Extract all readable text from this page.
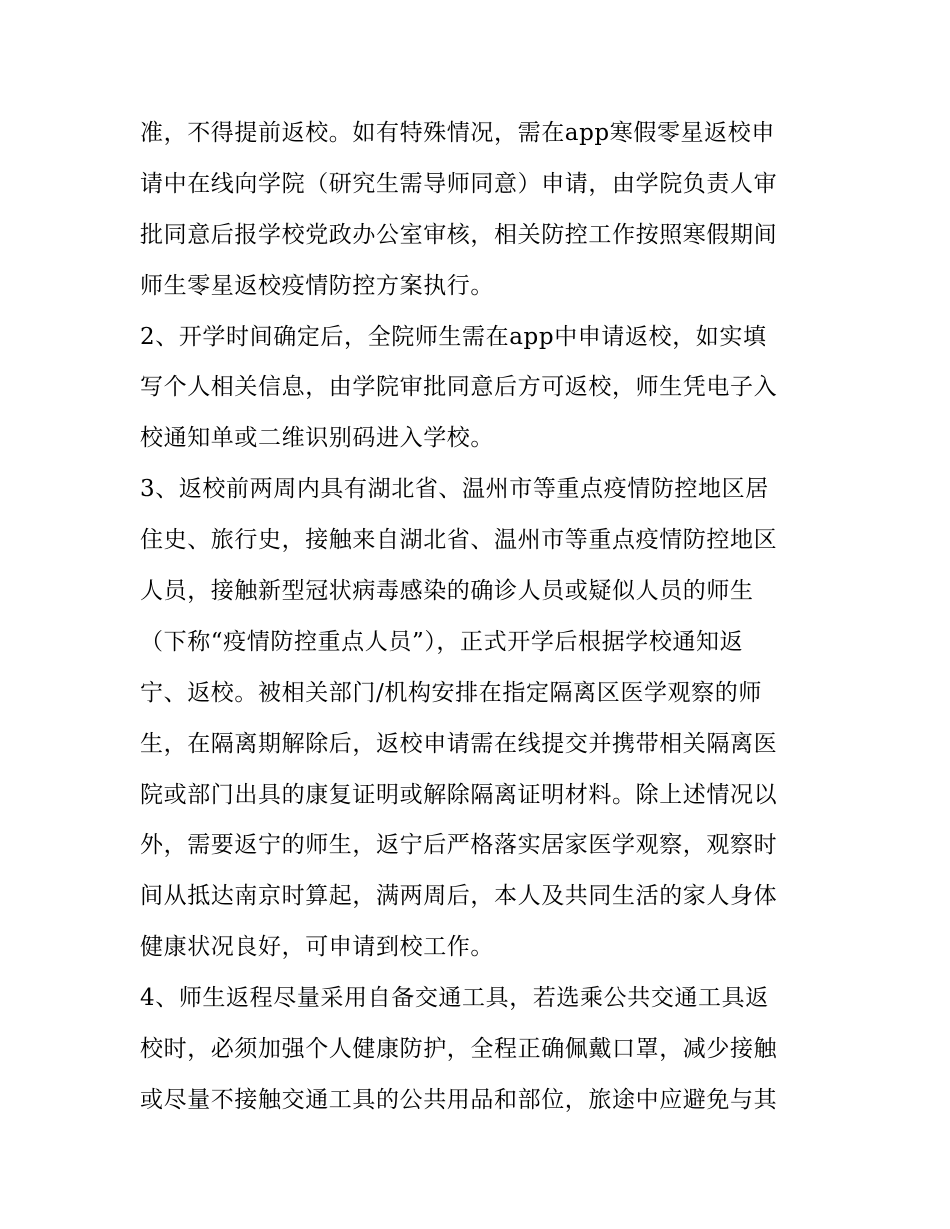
准，不得提前返校。如有特殊情况，需在app寒假零星返校申
请中在线向学院（研究生需导师同意）申请，由学院负责人审
批同意后报学校党政办公室审核，相关防控工作按照寒假期间
师生零星返校疫情防控方案执行。
2、开学时间确定后，全院师生需在app中申请返校，如实填
写个人相关信息，由学院审批同意后方可返校，师生凭电子入
校通知单或二维识别码进入学校。
3、返校前两周内具有湖北省、温州市等重点疫情防控地区居
住史、旅行史，接触来自湖北省、温州市等重点疫情防控地区
人员，接触新型冠状病毒感染的确诊人员或疑似人员的师生
（下称“疫情防控重点人员”），正式开学后根据学校通知返
宁、返校。被相关部门/机构安排在指定隔离区医学观察的师
生，在隔离期解除后，返校申请需在线提交并携带相关隔离医
院或部门出具的康复证明或解除隔离证明材料。除上述情况以
外，需要返宁的师生，返宁后严格落实居家医学观察，观察时
间从抵达南京时算起，满两周后，本人及共同生活的家人身体
健康状况良好，可申请到校工作。
4、师生返程尽量采用自备交通工具，若选乘公共交通工具返
校时，必须加强个人健康防护，全程正确佩戴口罩，减少接触
或尽量不接触交通工具的公共用品和部位，旅途中应避免与其
